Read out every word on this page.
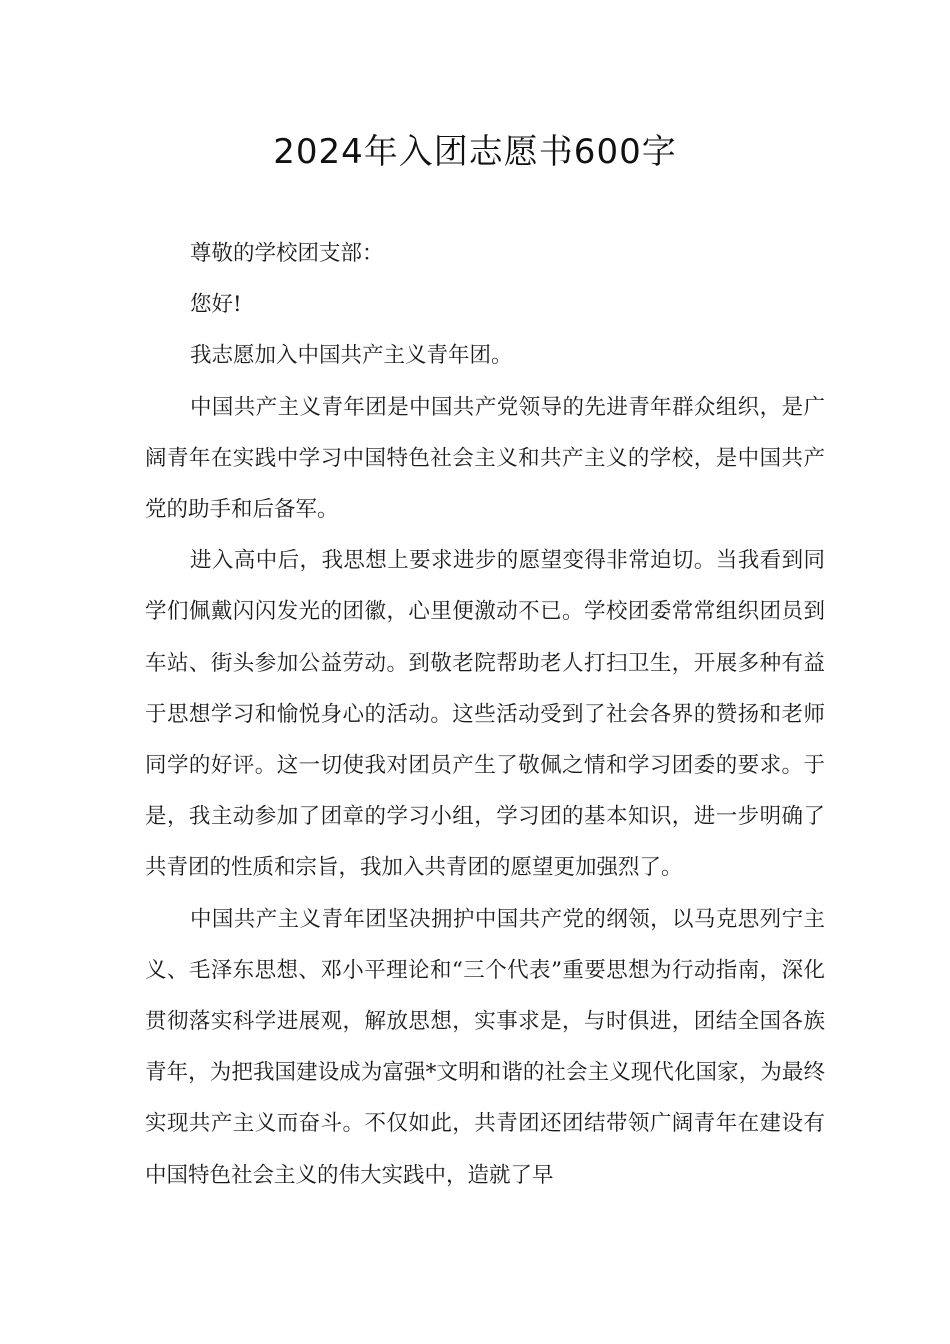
2024年入团志愿书600字

尊敬的学校团支部：

您好!

我志愿加入中国共产主义青年团。

中国共产主义青年团是中国共产党领导的先进青年群众组织，是广阔青年在实践中学习中国特色社会主义和共产主义的学校，是中国共产党的助手和后备军。

进入高中后，我思想上要求进步的愿望变得非常迫切。当我看到同学们佩戴闪闪发光的团徽，心里便激动不已。学校团委常常组织团员到车站、街头参加公益劳动。到敬老院帮助老人打扫卫生，开展多种有益于思想学习和愉悦身心的活动。这些活动受到了社会各界的赞扬和老师同学的好评。这一切使我对团员产生了敬佩之情和学习团委的要求。于是，我主动参加了团章的学习小组，学习团的基本知识，进一步明确了共青团的性质和宗旨，我加入共青团的愿望更加强烈了。

中国共产主义青年团坚决拥护中国共产党的纲领，以马克思列宁主义、毛泽东思想、邓小平理论和“三个代表”重要思想为行动指南，深化贯彻落实科学进展观，解放思想，实事求是，与时俱进，团结全国各族青年，为把我国建设成为富强*文明和谐的社会主义现代化国家，为最终实现共产主义而奋斗。不仅如此，共青团还团结带领广阔青年在建设有中国特色社会主义的伟大实践中，造就了早
